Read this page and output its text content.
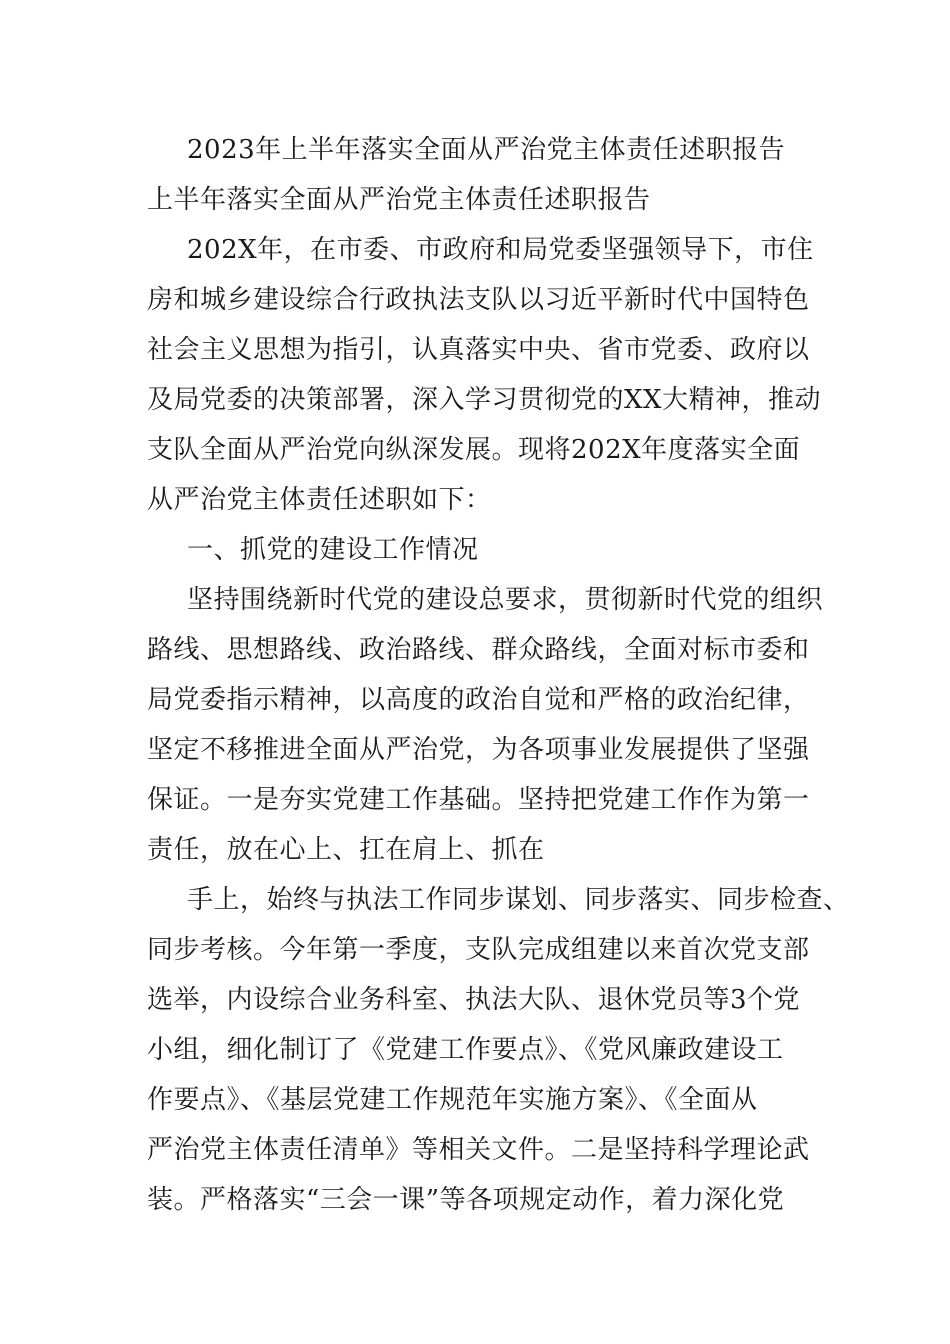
2023年上半年落实全面从严治党主体责任述职报告
上半年落实全面从严治党主体责任述职报告
202X年，在市委、市政府和局党委坚强领导下，市住
房和城乡建设综合行政执法支队以习近平新时代中国特色
社会主义思想为指引，认真落实中央、省市党委、政府以
及局党委的决策部署，深入学习贯彻党的XX大精神，推动
支队全面从严治党向纵深发展。现将202X年度落实全面
从严治党主体责任述职如下：
一、抓党的建设工作情况
坚持围绕新时代党的建设总要求，贯彻新时代党的组织
路线、思想路线、政治路线、群众路线，全面对标市委和
局党委指示精神，以高度的政治自觉和严格的政治纪律，
坚定不移推进全面从严治党，为各项事业发展提供了坚强
保证。一是夯实党建工作基础。坚持把党建工作作为第一
责任，放在心上、扛在肩上、抓在
手上，始终与执法工作同步谋划、同步落实、同步检查、
同步考核。今年第一季度，支队完成组建以来首次党支部
选举，内设综合业务科室、执法大队、退休党员等3个党
小组，细化制订了《党建工作要点》、《党风廉政建设工
作要点》、《基层党建工作规范年实施方案》、《全面从
严治党主体责任清单》等相关文件。二是坚持科学理论武
装。严格落实“三会一课”等各项规定动作，着力深化党
